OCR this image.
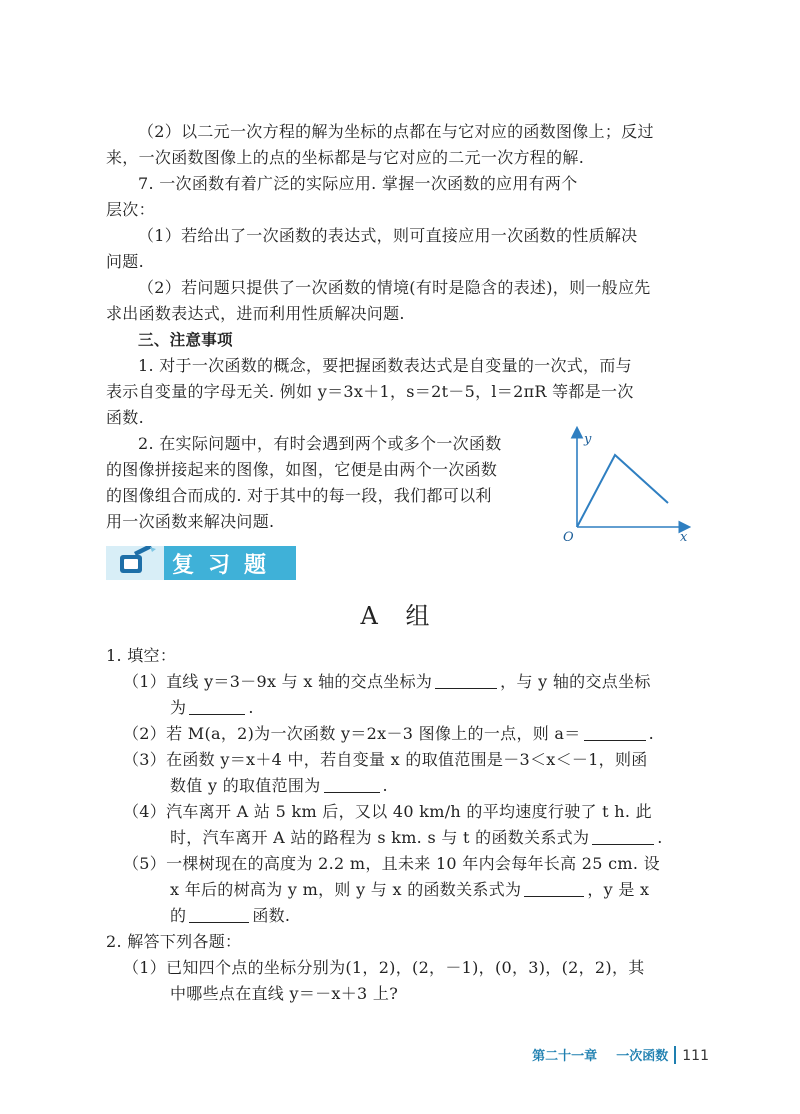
（2）以二元一次方程的解为坐标的点都在与它对应的函数图像上；反过
来，一次函数图像上的点的坐标都是与它对应的二元一次方程的解.
7. 一次函数有着广泛的实际应用. 掌握一次函数的应用有两个
层次：
（1）若给出了一次函数的表达式，则可直接应用一次函数的性质解决
问题.
（2）若问题只提供了一次函数的情境(有时是隐含的表述)，则一般应先
求出函数表达式，进而利用性质解决问题.
三、注意事项
1. 对于一次函数的概念，要把握函数表达式是自变量的一次式，而与
表示自变量的字母无关. 例如 y＝3x＋1，s＝2t－5，l＝2πR 等都是一次
函数.
2. 在实际问题中，有时会遇到两个或多个一次函数
的图像拼接起来的图像，如图，它便是由两个一次函数
的图像组合而成的. 对于其中的每一段，我们都可以利
用一次函数来解决问题.
y
x
O
复习题
A 组
1. 填空：
（1）直线 y＝3－9x 与 x 轴的交点坐标为	，与 y 轴的交点坐标
为	.
（2）若 M(a，2)为一次函数 y＝2x－3 图像上的一点，则 a＝	.
（3）在函数 y＝x＋4 中，若自变量 x 的取值范围是－3＜x＜－1，则函
数值 y 的取值范围为	.
（4）汽车离开 A 站 5 km 后，又以 40 km/h 的平均速度行驶了 t h. 此
时，汽车离开 A 站的路程为 s km. s 与 t 的函数关系式为	.
（5）一棵树现在的高度为 2.2 m，且未来 10 年内会每年长高 25 cm. 设
x 年后的树高为 y m，则 y 与 x 的函数关系式为	，y 是 x
的	函数.
2. 解答下列各题：
（1）已知四个点的坐标分别为(1，2)，(2，－1)，(0，3)，(2，2)，其
中哪些点在直线 y＝－x＋3 上?
第二十一章 一次函数 111
